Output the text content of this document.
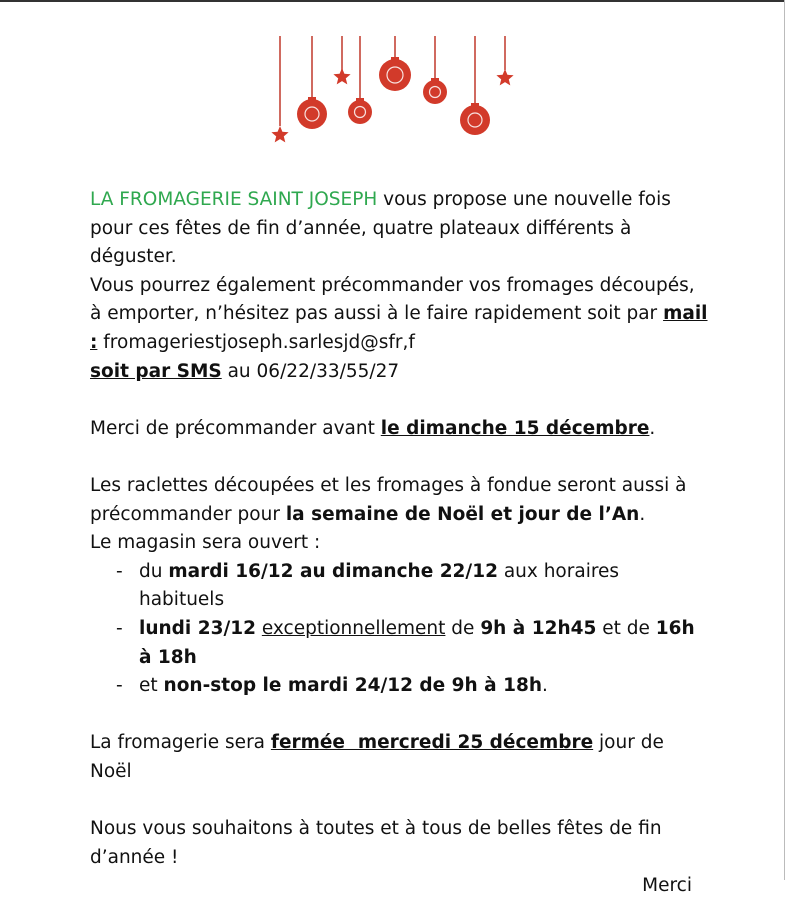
LA FROMAGERIE SAINT JOSEPH vous propose une nouvelle fois pour ces fêtes de fin d’année, quatre plateaux différents à déguster.

Vous pourrez également précommander vos fromages découpés, à emporter, n’hésitez pas aussi à le faire rapidement soit par mail : fromageriestjoseph.sarlesjd@sfr,f

soit par SMS au 06/22/33/55/27

Merci de précommander avant le dimanche 15 décembre.

Les raclettes découpées et les fromages à fondue seront aussi à précommander pour la semaine de Noël et jour de l’An.

Le magasin sera ouvert :

- du mardi 16/12 au dimanche 22/12 aux horaires habituels
- lundi 23/12 exceptionnellement de 9h à 12h45 et de 16h à 18h
- et non-stop le mardi 24/12 de 9h à 18h.

La fromagerie sera fermée  mercredi 25 décembre jour de Noël

Nous vous souhaitons à toutes et à tous de belles fêtes de fin d’année !

Merci
